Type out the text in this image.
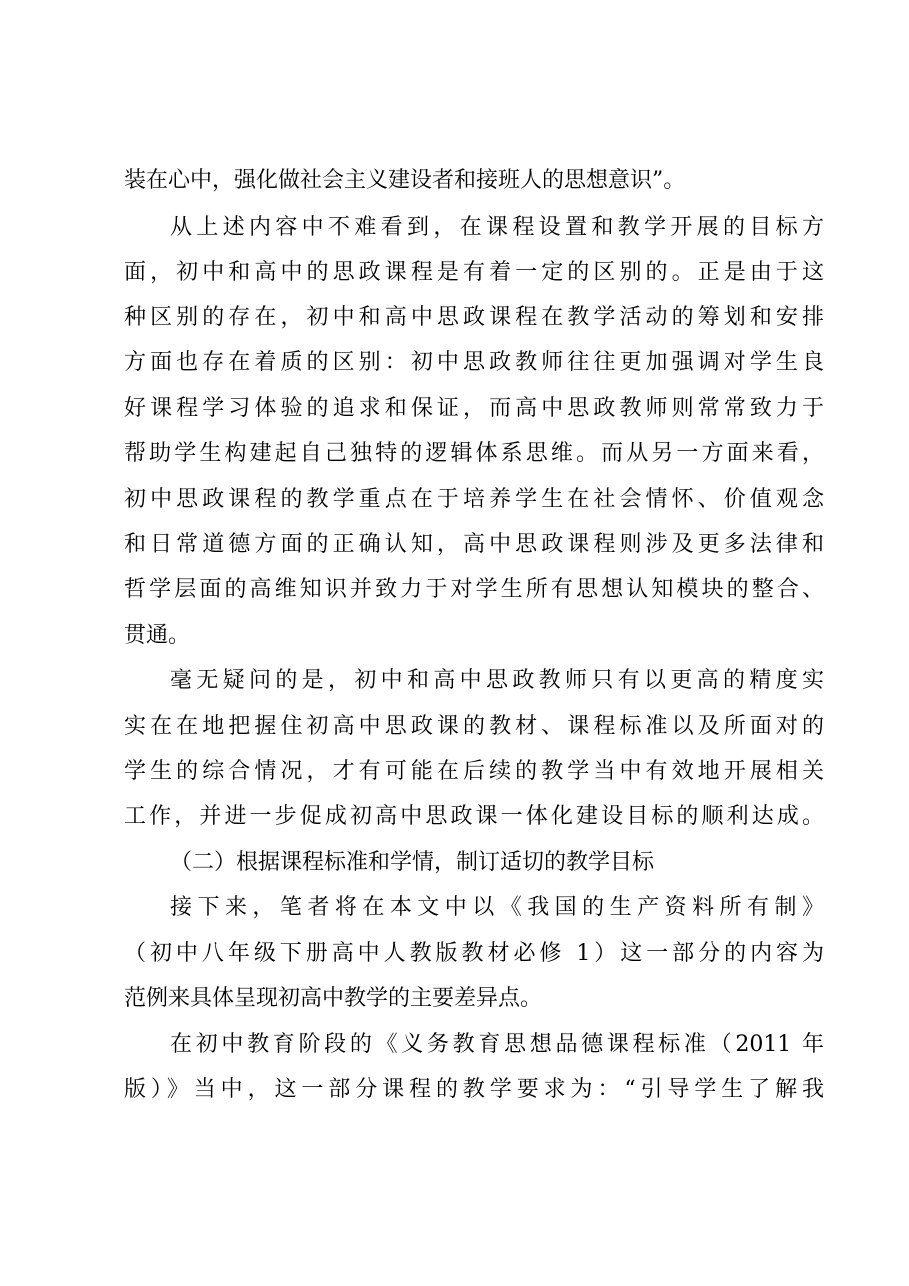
装在心中，强化做社会主义建设者和接班人的思想意识”。
从上述内容中不难看到，在课程设置和教学开展的目标方
面，初中和高中的思政课程是有着一定的区别的。正是由于这
种区别的存在，初中和高中思政课程在教学活动的筹划和安排
方面也存在着质的区别：初中思政教师往往更加强调对学生良
好课程学习体验的追求和保证，而高中思政教师则常常致力于
帮助学生构建起自己独特的逻辑体系思维。而从另一方面来看，
初中思政课程的教学重点在于培养学生在社会情怀、价值观念
和日常道德方面的正确认知，高中思政课程则涉及更多法律和
哲学层面的高维知识并致力于对学生所有思想认知模块的整合、
贯通。
毫无疑问的是，初中和高中思政教师只有以更高的精度实
实在在地把握住初高中思政课的教材、课程标准以及所面对的
学生的综合情况，才有可能在后续的教学当中有效地开展相关
工作，并进一步促成初高中思政课一体化建设目标的顺利达成。
（二）根据课程标准和学情，制订适切的教学目标
接下来，笔者将在本文中以《我国的生产资料所有制》
（初中八年级下册高中人教版教材必修 1）这一部分的内容为
范例来具体呈现初高中教学的主要差异点。
在初中教育阶段的《义务教育思想品德课程标准（2011 年
版）》当中，这一部分课程的教学要求为：“引导学生了解我
